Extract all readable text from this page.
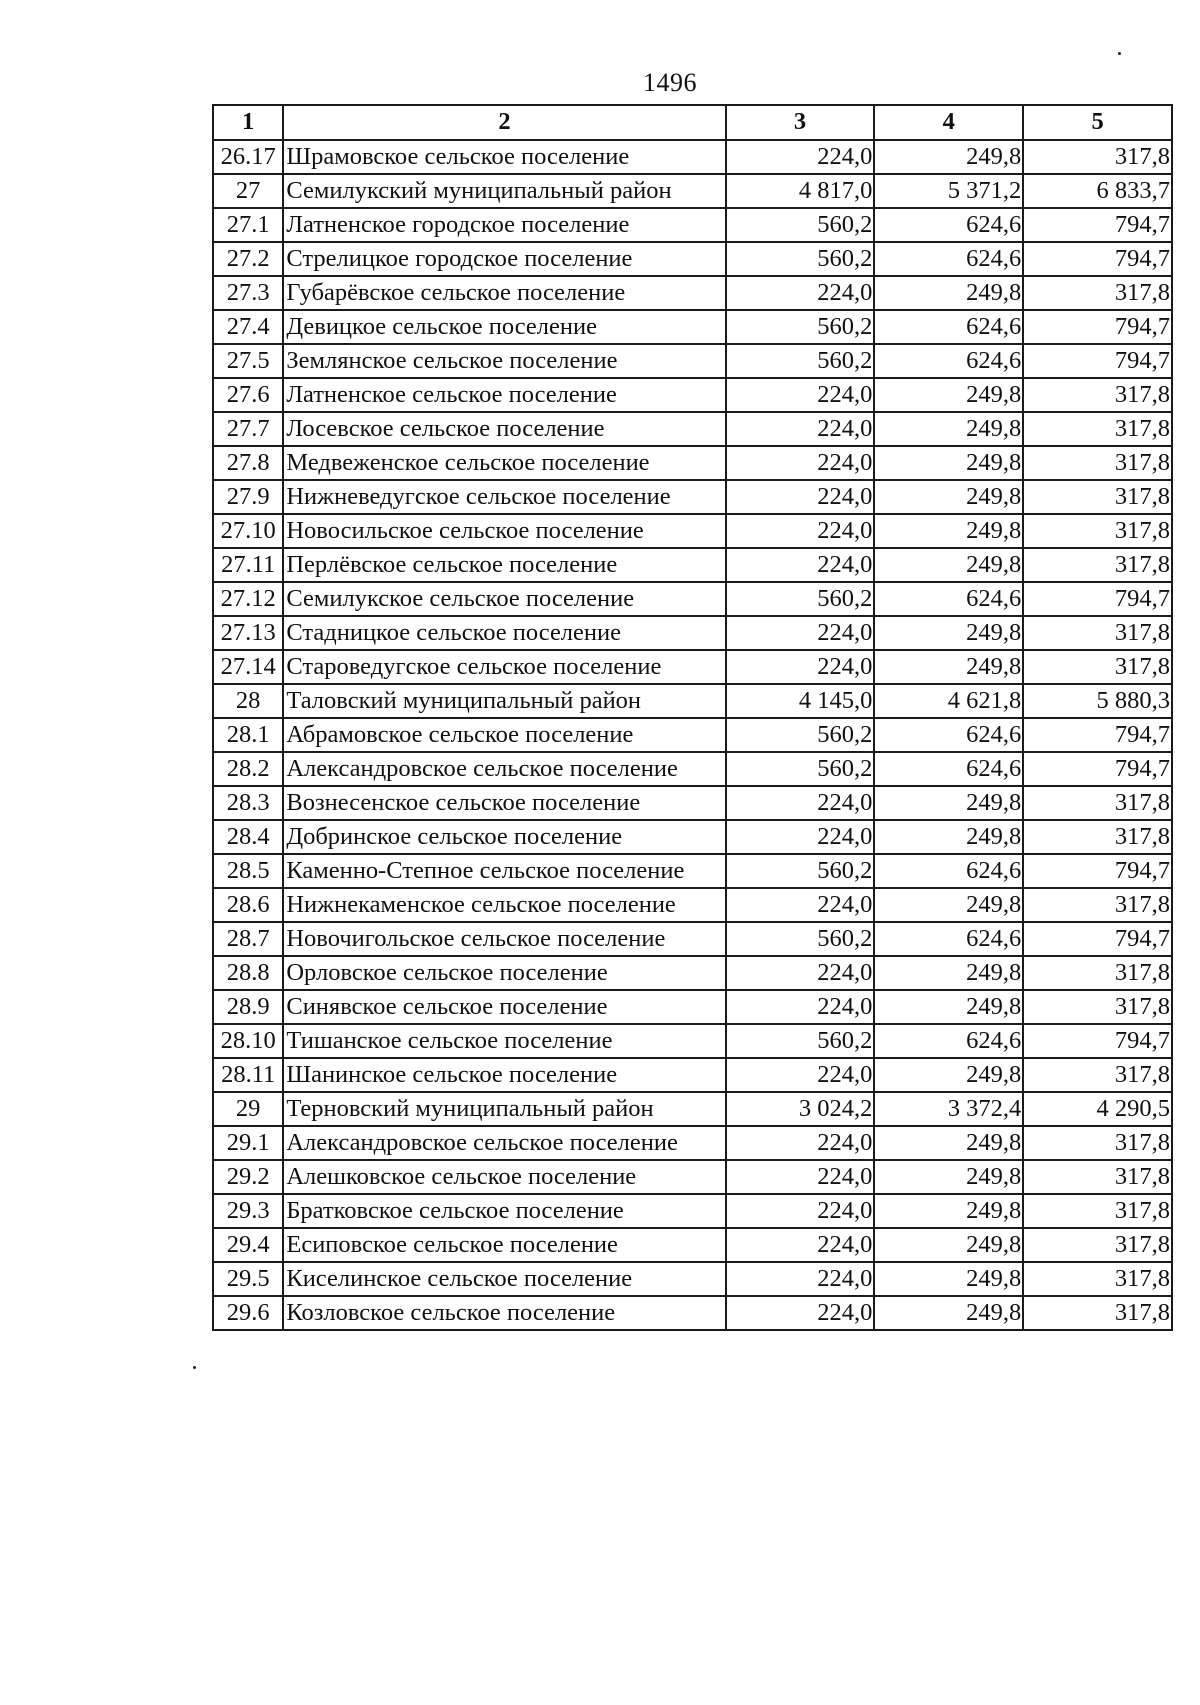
1496
1	2	3	4	5
26.17	Шрамовское сельское поселение	224,0	249,8	317,8
27	Семилукский муниципальный район	4 817,0	5 371,2	6 833,7
27.1	Латненское городское поселение	560,2	624,6	794,7
27.2	Стрелицкое городское поселение	560,2	624,6	794,7
27.3	Губарёвское сельское поселение	224,0	249,8	317,8
27.4	Девицкое сельское поселение	560,2	624,6	794,7
27.5	Землянское сельское поселение	560,2	624,6	794,7
27.6	Латненское сельское поселение	224,0	249,8	317,8
27.7	Лосевское сельское поселение	224,0	249,8	317,8
27.8	Медвеженское сельское поселение	224,0	249,8	317,8
27.9	Нижневедугское сельское поселение	224,0	249,8	317,8
27.10	Новосильское сельское поселение	224,0	249,8	317,8
27.11	Перлёвское сельское поселение	224,0	249,8	317,8
27.12	Семилукское сельское поселение	560,2	624,6	794,7
27.13	Стадницкое сельское поселение	224,0	249,8	317,8
27.14	Староведугское сельское поселение	224,0	249,8	317,8
28	Таловский муниципальный район	4 145,0	4 621,8	5 880,3
28.1	Абрамовское сельское поселение	560,2	624,6	794,7
28.2	Александровское сельское поселение	560,2	624,6	794,7
28.3	Вознесенское сельское поселение	224,0	249,8	317,8
28.4	Добринское сельское поселение	224,0	249,8	317,8
28.5	Каменно-Степное сельское поселение	560,2	624,6	794,7
28.6	Нижнекаменское сельское поселение	224,0	249,8	317,8
28.7	Новочигольское сельское поселение	560,2	624,6	794,7
28.8	Орловское сельское поселение	224,0	249,8	317,8
28.9	Синявское сельское поселение	224,0	249,8	317,8
28.10	Тишанское сельское поселение	560,2	624,6	794,7
28.11	Шанинское сельское поселение	224,0	249,8	317,8
29	Терновский муниципальный район	3 024,2	3 372,4	4 290,5
29.1	Александровское сельское поселение	224,0	249,8	317,8
29.2	Алешковское сельское поселение	224,0	249,8	317,8
29.3	Братковское сельское поселение	224,0	249,8	317,8
29.4	Есиповское сельское поселение	224,0	249,8	317,8
29.5	Киселинское сельское поселение	224,0	249,8	317,8
29.6	Козловское сельское поселение	224,0	249,8	317,8
